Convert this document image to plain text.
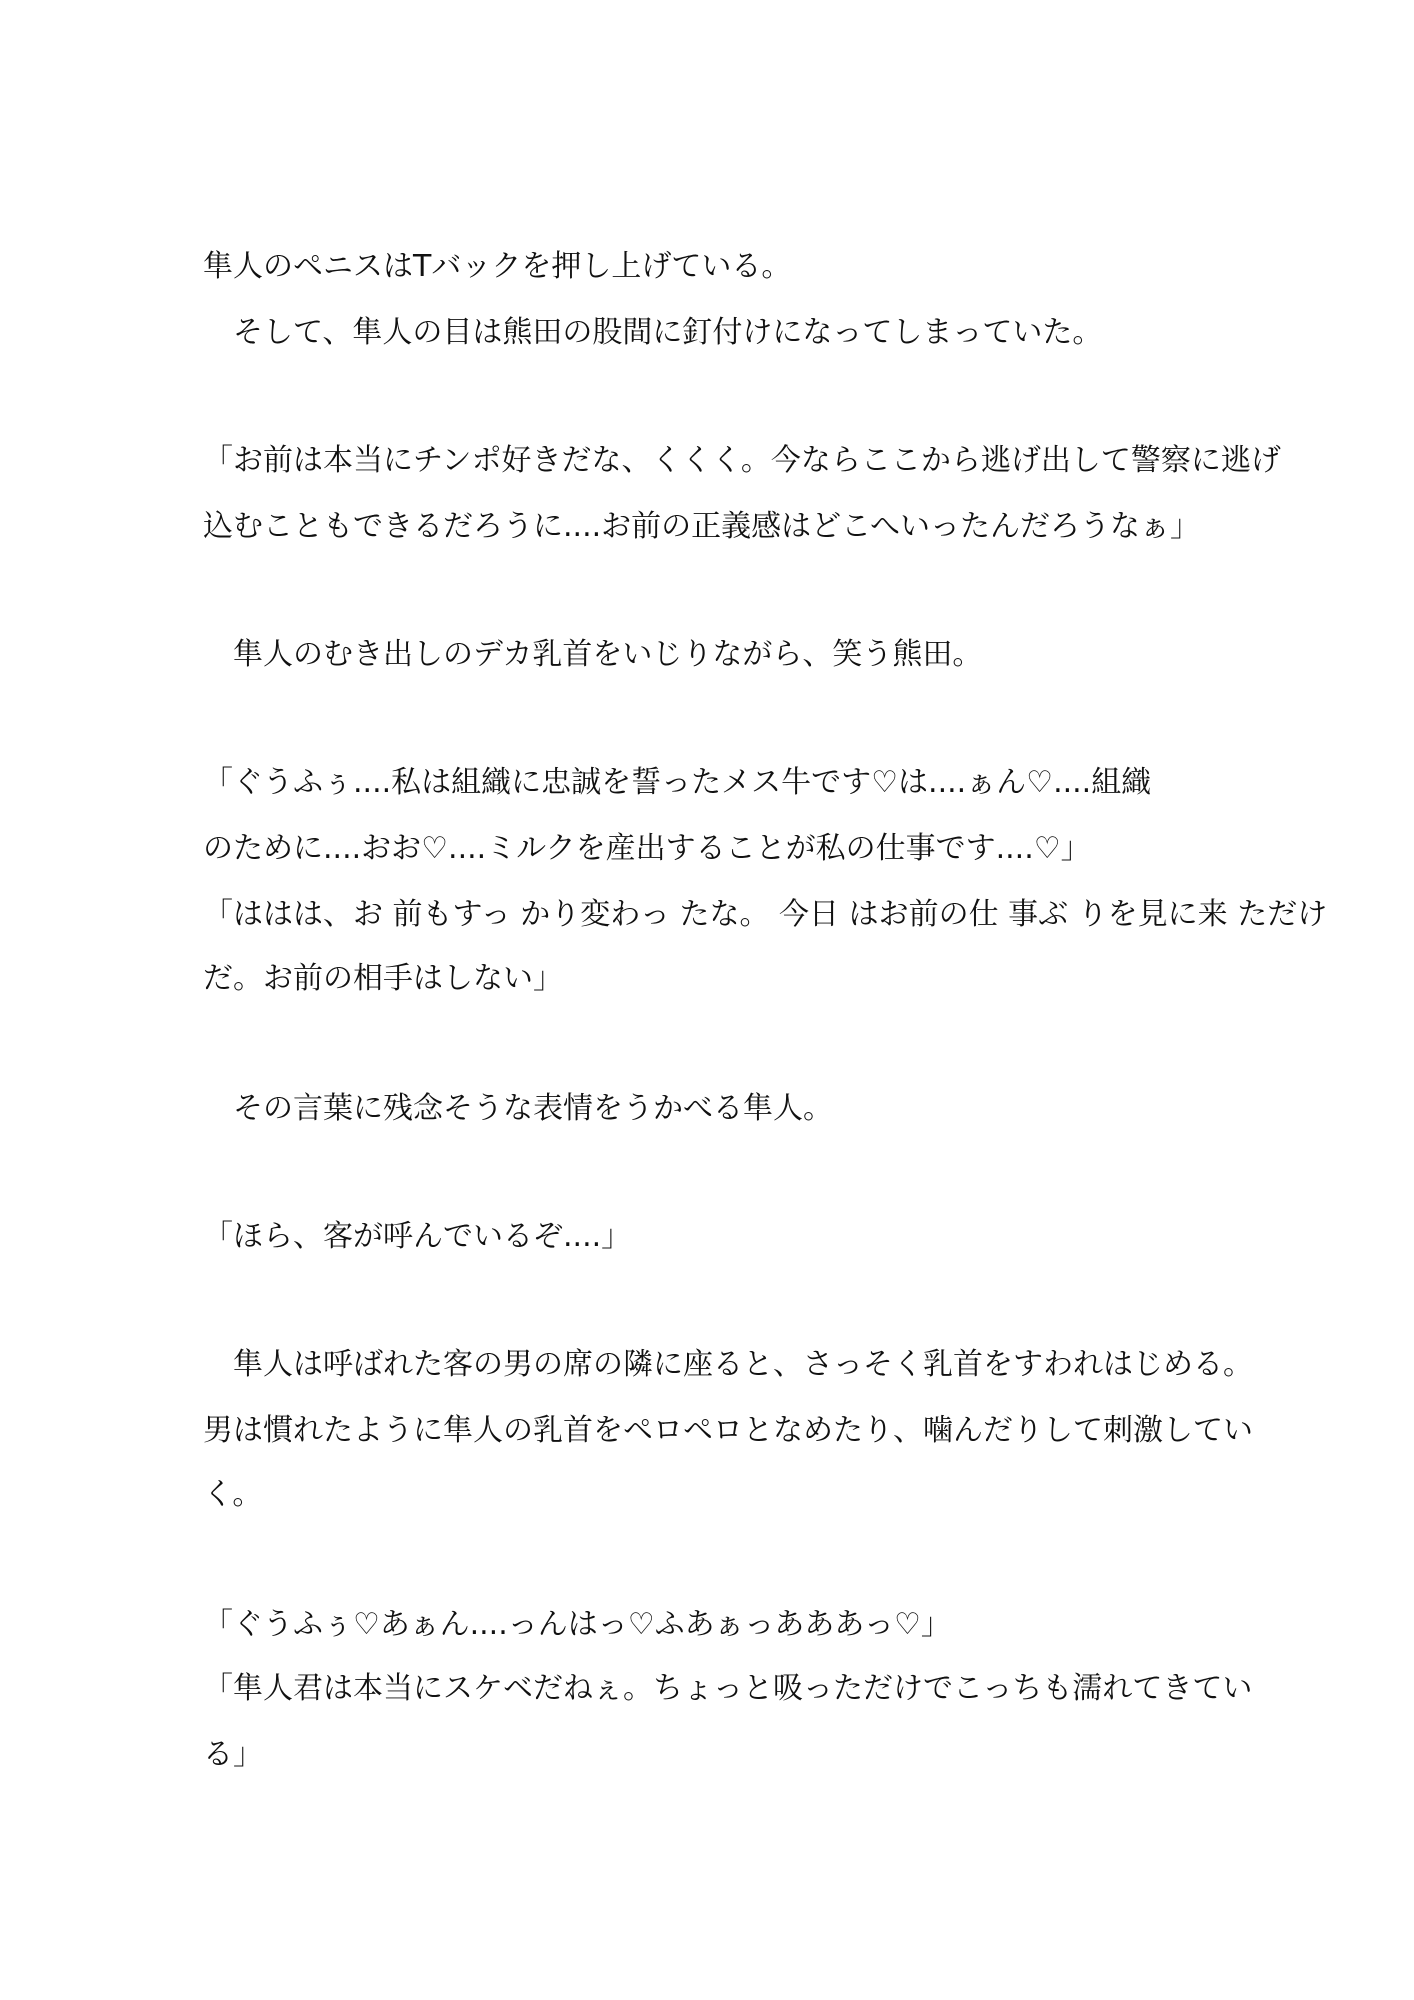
隼人のペニスはTバックを押し上げている。
　そして、隼人の目は熊田の股間に釘付けになってしまっていた。
「お前は本当にチンポ好きだな、くくく。今ならここから逃げ出して警察に逃げ
込むこともできるだろうに....お前の正義感はどこへいったんだろうなぁ」
　隼人のむき出しのデカ乳首をいじりながら、笑う熊田。
「ぐうふぅ....私は組織に忠誠を誓ったメス牛です♡は....ぁん♡....組織
のために....おお♡....ミルクを産出することが私の仕事です....♡」
「ははは、お 前もすっ かり変わっ たな。 今日 はお前の仕 事ぶ りを見に来 ただけ
だ。お前の相手はしない」
　その言葉に残念そうな表情をうかべる隼人。
「ほら、客が呼んでいるぞ....」
　隼人は呼ばれた客の男の席の隣に座ると、さっそく乳首をすわれはじめる。
男は慣れたように隼人の乳首をペロペロとなめたり、噛んだりして刺激してい
く。
「ぐうふぅ♡あぁん....っんはっ♡ふあぁっあああっ♡」
「隼人君は本当にスケベだねぇ。ちょっと吸っただけでこっちも濡れてきてい
る」
